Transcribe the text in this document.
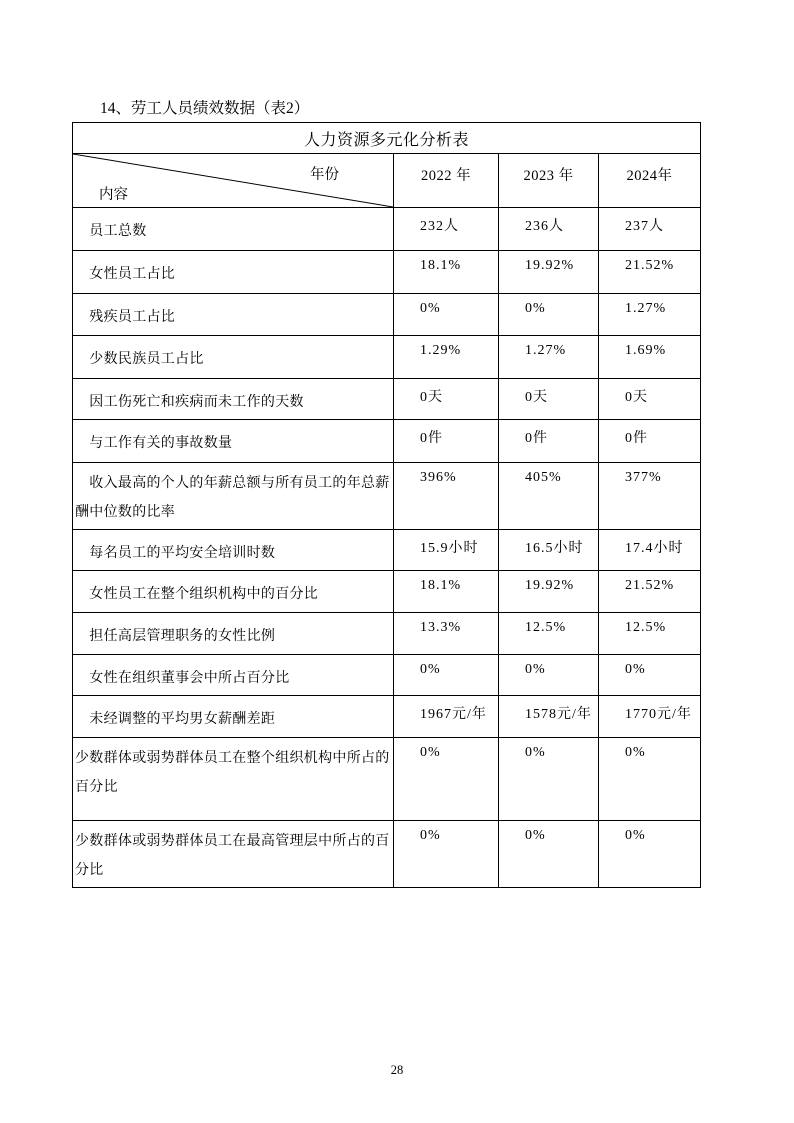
14、劳工人员绩效数据（表2）
人力资源多元化分析表			

年份
内容	2022 年	2023 年	2024年
　员工总数	232人	236人	237人
　女性员工占比	18.1%	19.92%	21.52%
　残疾员工占比	0%	0%	1.27%
　少数民族员工占比	1.29%	1.27%	1.69%
　因工伤死亡和疾病而未工作的天数	0天	0天	0天
　与工作有关的事故数量	0件	0件	0件
　收入最高的个人的年薪总额与所有员工的年总薪酬中位数的比率	396%	405%	377%
　每名员工的平均安全培训时数	15.9小时	16.5小时	17.4小时
　女性员工在整个组织机构中的百分比	18.1%	19.92%	21.52%
　担任高层管理职务的女性比例	13.3%	12.5%	12.5%
　女性在组织董事会中所占百分比	0%	0%	0%
　未经调整的平均男女薪酬差距	1967元/年	1578元/年	1770元/年
少数群体或弱势群体员工在整个组织机构中所占的百分比	0%	0%	0%
少数群体或弱势群体员工在最高管理层中所占的百分比	0%	0%	0%
28
